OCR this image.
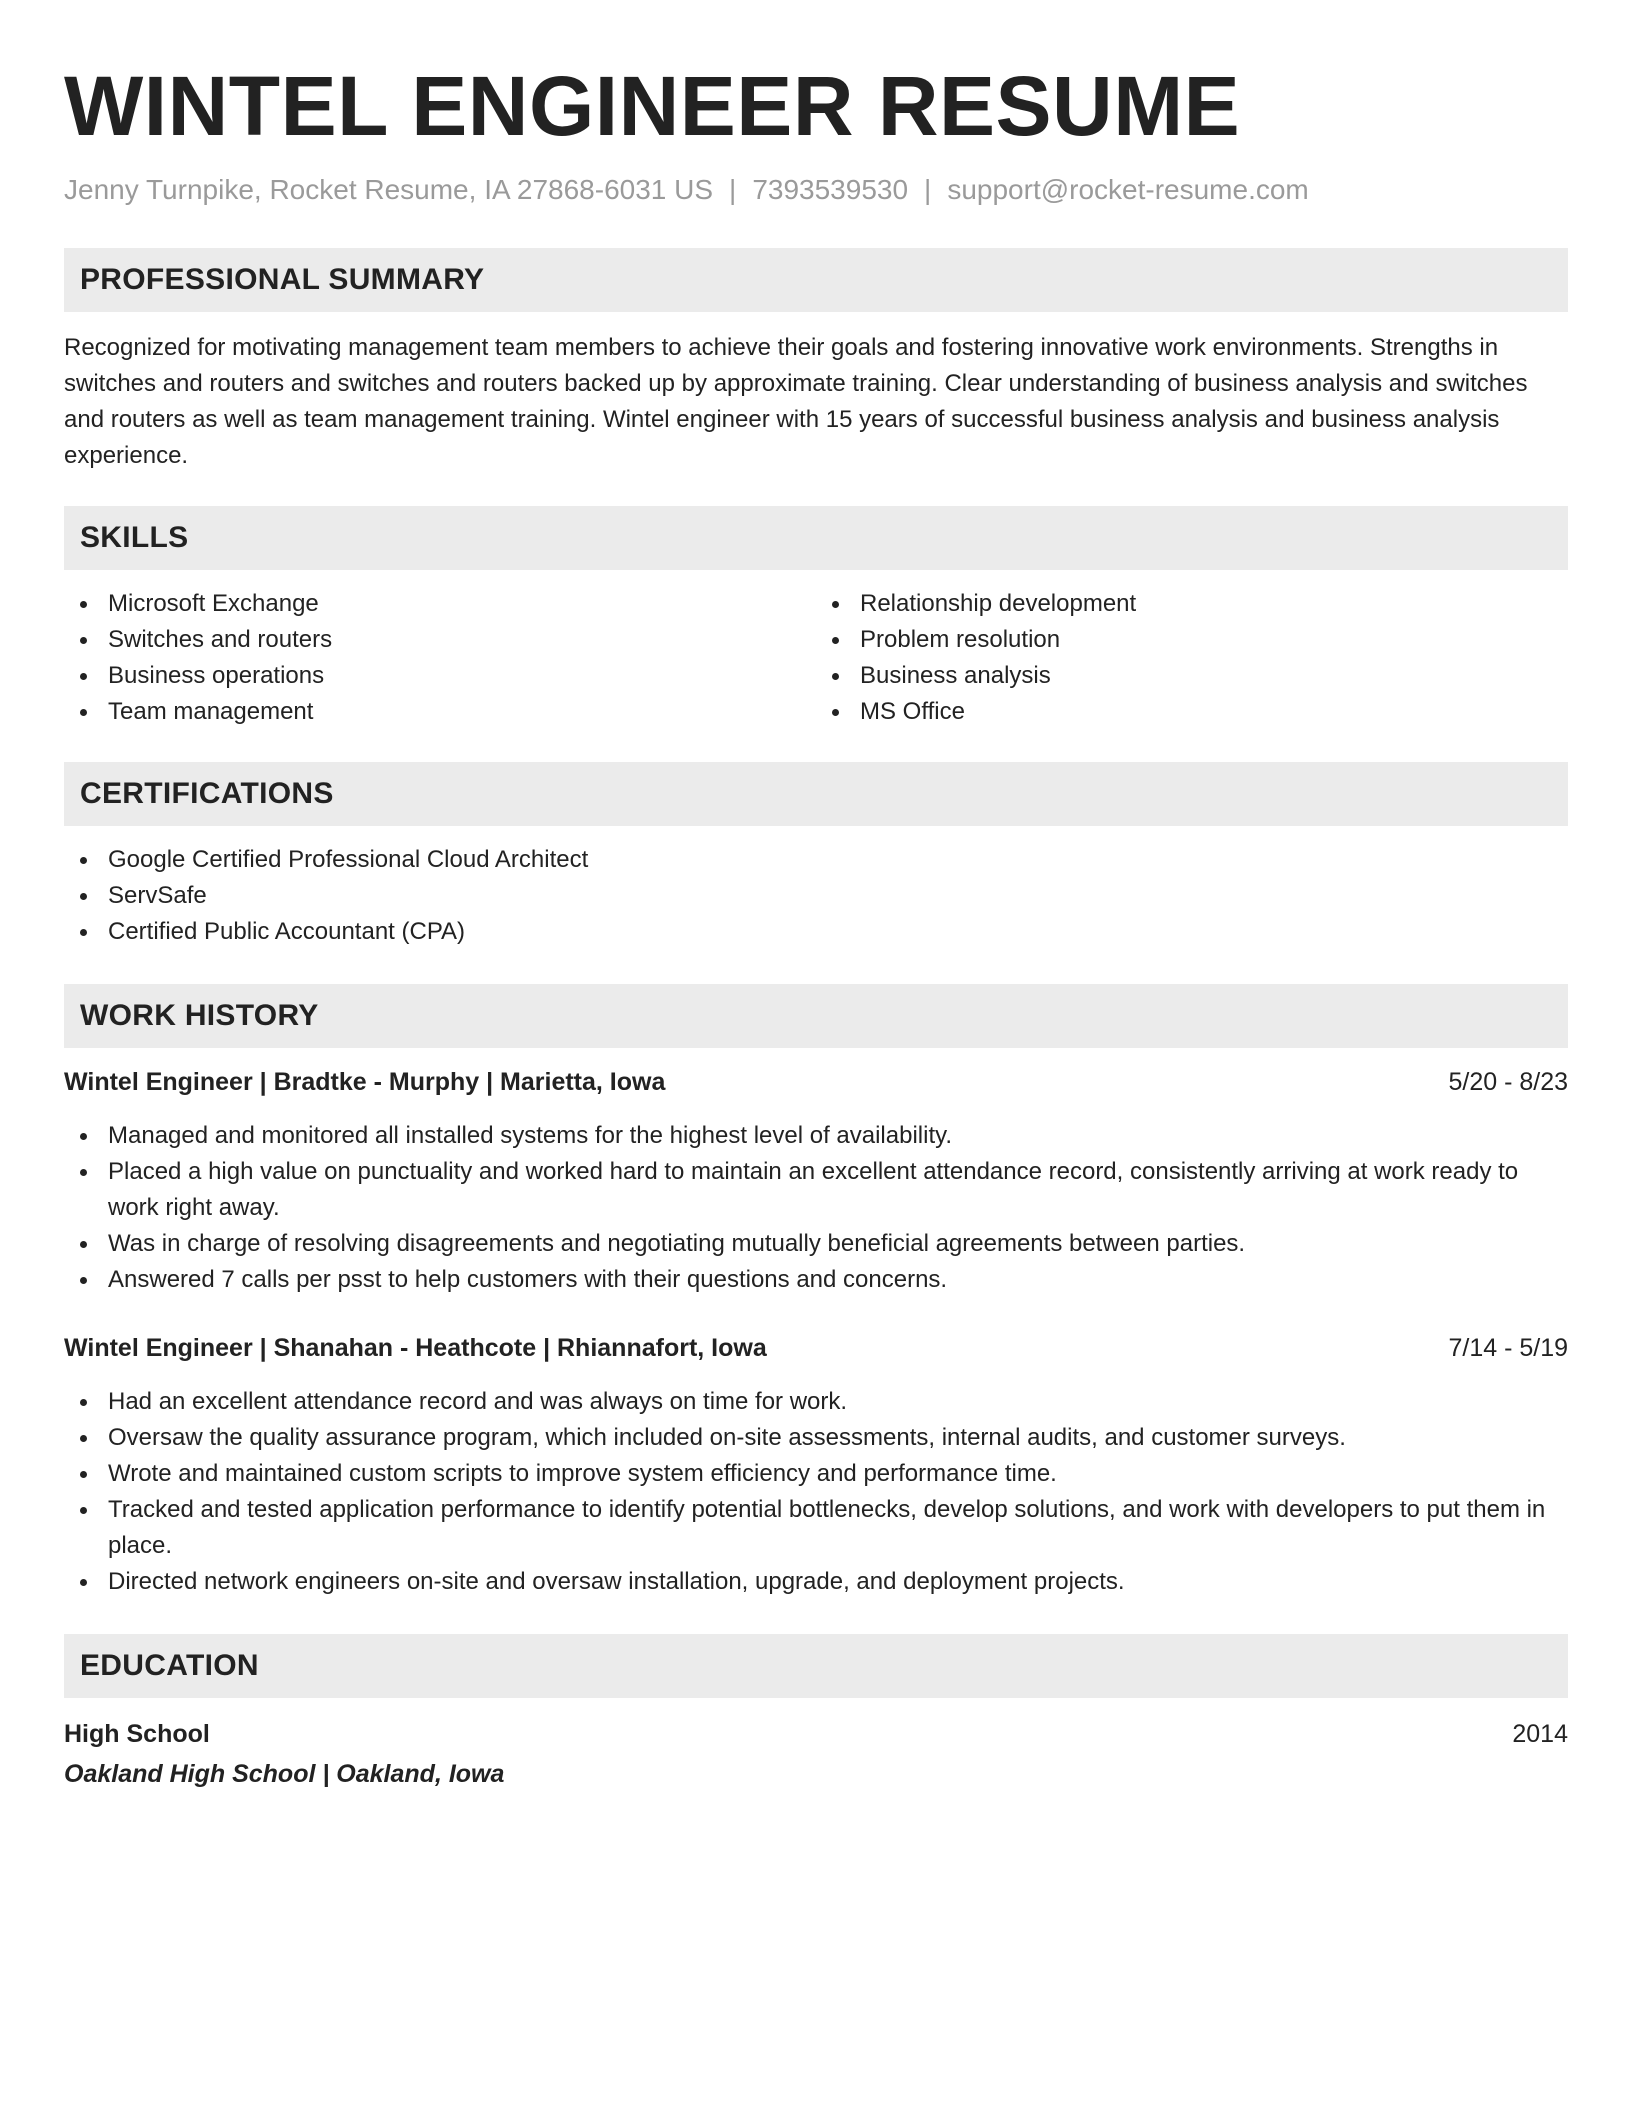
WINTEL ENGINEER RESUME
Jenny Turnpike, Rocket Resume, IA 27868-6031 US | 7393539530 | support@rocket-resume.com
PROFESSIONAL SUMMARY
Recognized for motivating management team members to achieve their goals and fostering innovative work environments. Strengths in switches and routers and switches and routers backed up by approximate training. Clear understanding of business analysis and switches and routers as well as team management training. Wintel engineer with 15 years of successful business analysis and business analysis experience.
SKILLS
Microsoft Exchange
Switches and routers
Business operations
Team management
Relationship development
Problem resolution
Business analysis
MS Office
CERTIFICATIONS
Google Certified Professional Cloud Architect
ServSafe
Certified Public Accountant (CPA)
WORK HISTORY
Wintel Engineer | Bradtke - Murphy | Marietta, Iowa	5/20 - 8/23
Managed and monitored all installed systems for the highest level of availability.
Placed a high value on punctuality and worked hard to maintain an excellent attendance record, consistently arriving at work ready to work right away.
Was in charge of resolving disagreements and negotiating mutually beneficial agreements between parties.
Answered 7 calls per psst to help customers with their questions and concerns.
Wintel Engineer | Shanahan - Heathcote | Rhiannafort, Iowa	7/14 - 5/19
Had an excellent attendance record and was always on time for work.
Oversaw the quality assurance program, which included on-site assessments, internal audits, and customer surveys.
Wrote and maintained custom scripts to improve system efficiency and performance time.
Tracked and tested application performance to identify potential bottlenecks, develop solutions, and work with developers to put them in place.
Directed network engineers on-site and oversaw installation, upgrade, and deployment projects.
EDUCATION
High School	2014
Oakland High School | Oakland, Iowa
